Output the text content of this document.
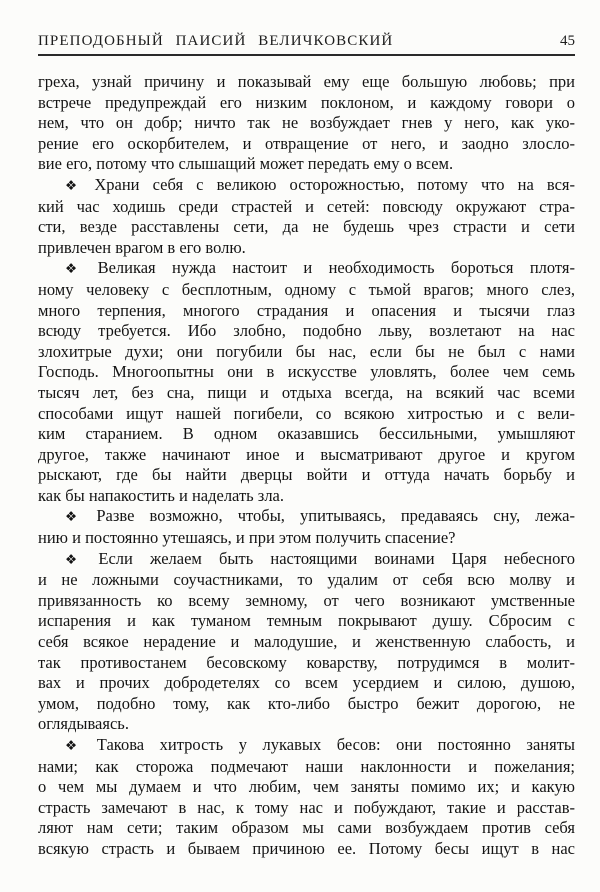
ПРЕПОДОБНЫЙ ПАИСИЙ ВЕЛИЧКОВСКИЙ	45
греха, узнай причину и показывай ему еще большую любовь; при
встрече предупреждай его низким поклоном, и каждому говори о
нем, что он добр; ничто так не возбуждает гнев у него, как уко-
рение его оскорбителем, и отвращение от него, и заодно злосло-
вие его, потому что слышащий может передать ему о всем.
❖ Храни себя с великою осторожностью, потому что на вся-
кий час ходишь среди страстей и сетей: повсюду окружают стра-
сти, везде расставлены сети, да не будешь чрез страсти и сети
привлечен врагом в его волю.
❖ Великая нужда настоит и необходимость бороться плотя-
ному человеку с бесплотным, одному с тьмой врагов; много слез,
много терпения, многого страдания и опасения и тысячи глаз
всюду требуется. Ибо злобно, подобно льву, возлетают на нас
злохитрые духи; они погубили бы нас, если бы не был с нами
Господь. Многоопытны они в искусстве уловлять, более чем семь
тысяч лет, без сна, пищи и отдыха всегда, на всякий час всеми
способами ищут нашей погибели, со всякою хитростью и с вели-
ким старанием. В одном оказавшись бессильными, умышляют
другое, также начинают иное и высматривают другое и кругом
рыскают, где бы найти дверцы войти и оттуда начать борьбу и
как бы напакостить и наделать зла.
❖ Разве возможно, чтобы, упитываясь, предаваясь сну, лежа-
нию и постоянно утешаясь, и при этом получить спасение?
❖ Если желаем быть настоящими воинами Царя небесного
и не ложными соучастниками, то удалим от себя всю молву и
привязанность ко всему земному, от чего возникают умственные
испарения и как туманом темным покрывают душу. Сбросим с
себя всякое нерадение и малодушие, и женственную слабость, и
так противостанем бесовскому коварству, потрудимся в молит-
вах и прочих добродетелях со всем усердием и силою, душою,
умом, подобно тому, как кто-либо быстро бежит дорогою, не
оглядываясь.
❖ Такова хитрость у лукавых бесов: они постоянно заняты
нами; как сторожа подмечают наши наклонности и пожелания;
о чем мы думаем и что любим, чем заняты помимо их; и какую
страсть замечают в нас, к тому нас и побуждают, такие и расстав-
ляют нам сети; таким образом мы сами возбуждаем против себя
всякую страсть и бываем причиною ее. Потому бесы ищут в нас
